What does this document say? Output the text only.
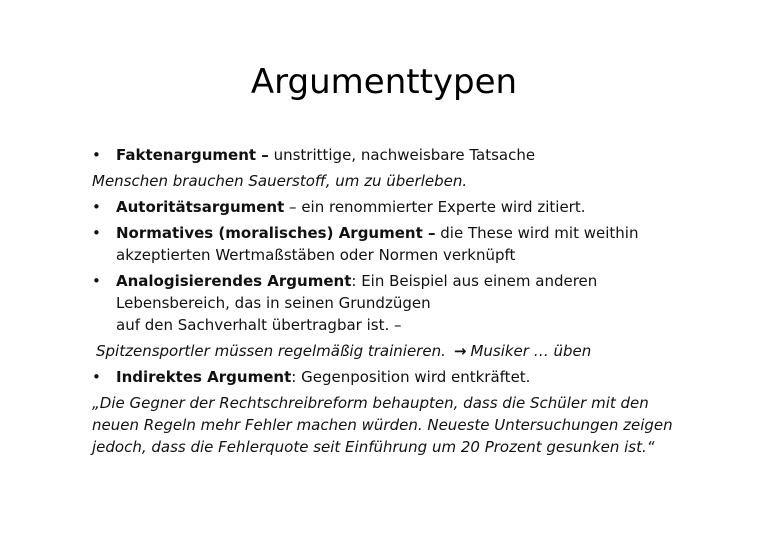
Argumenttypen
•	Faktenargument – unstrittige, nachweisbare Tatsache
Menschen brauchen Sauerstoff, um zu überleben.
•	Autoritätsargument – ein renommierter Experte wird zitiert.
•	Normatives (moralisches) Argument – die These wird mit weithin
akzeptierten Wertmaßstäben oder Normen verknüpft
•	Analogisierendes Argument: Ein Beispiel aus einem anderen
Lebensbereich, das in seinen Grundzügen
auf den Sachverhalt übertragbar ist. –
Spitzensportler müssen regelmäßig trainieren. → Musiker … üben
•	Indirektes Argument: Gegenposition wird entkräftet.
„Die Gegner der Rechtschreibreform behaupten, dass die Schüler mit den
neuen Regeln mehr Fehler machen würden. Neueste Untersuchungen zeigen
jedoch, dass die Fehlerquote seit Einführung um 20 Prozent gesunken ist.“
